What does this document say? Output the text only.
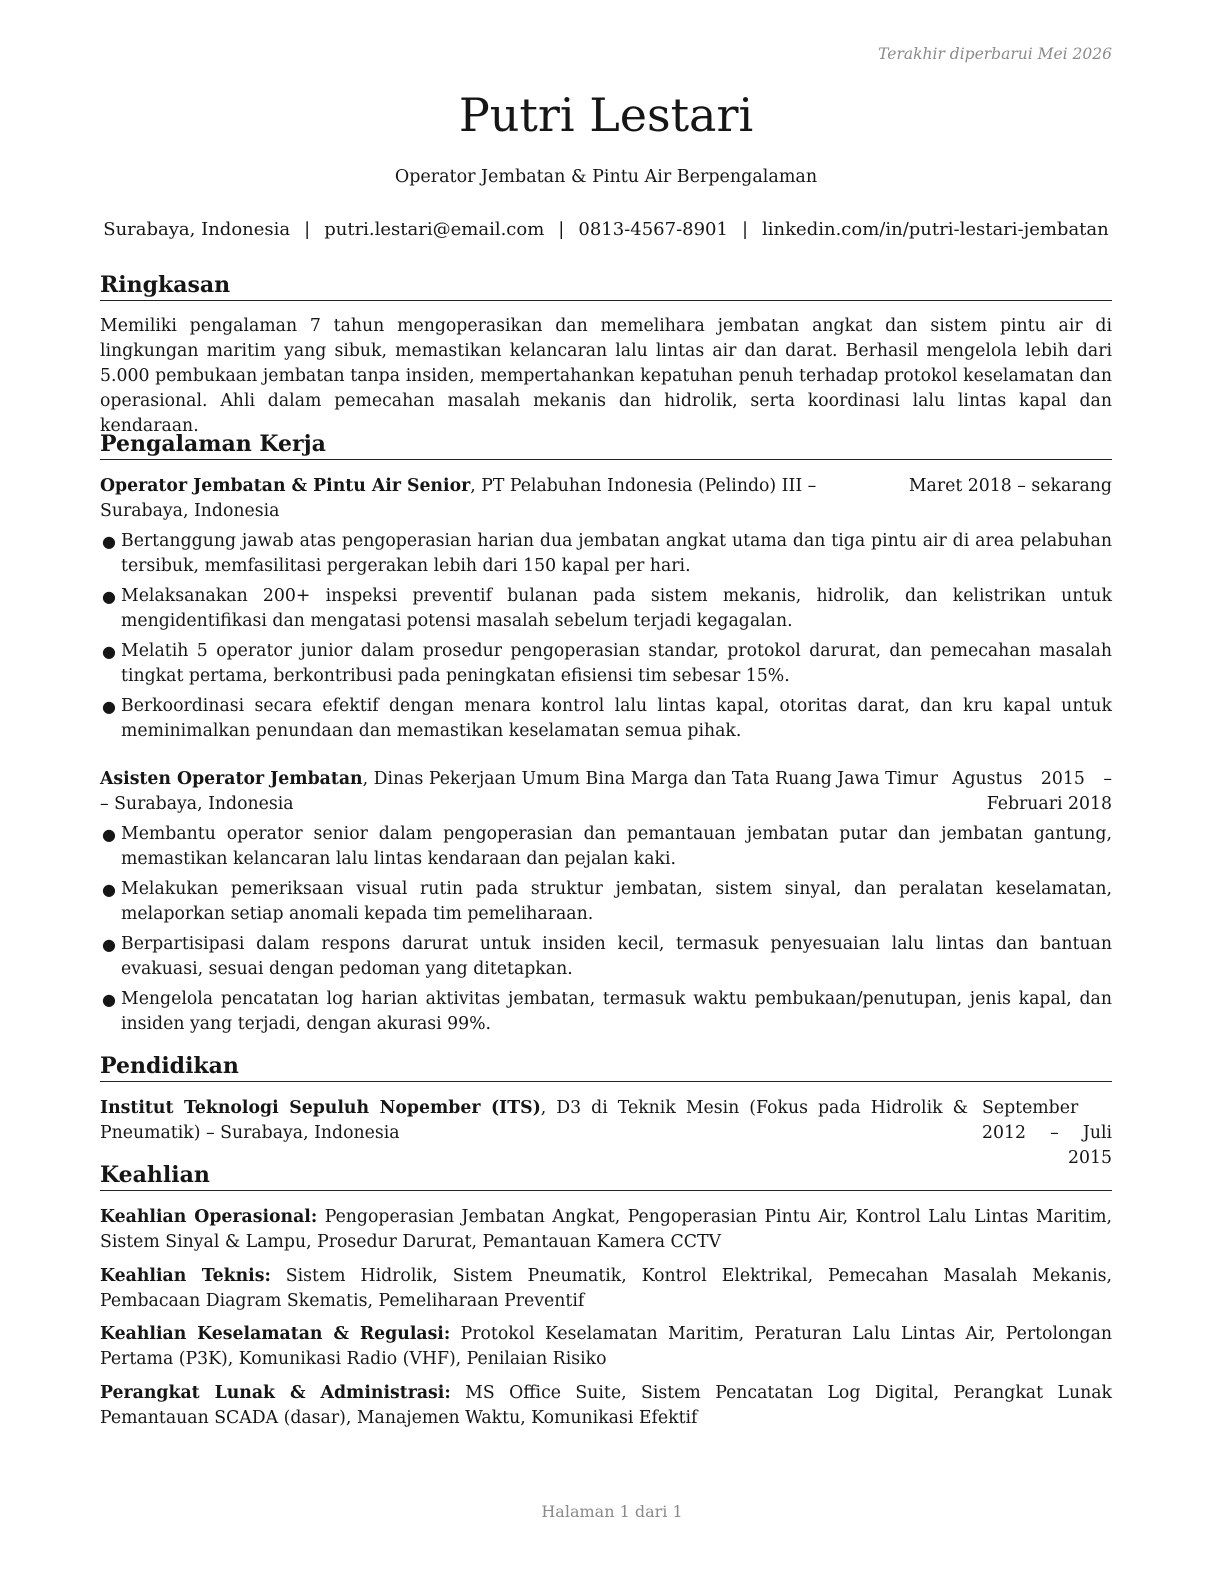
Terakhir diperbarui Mei 2026
Putri Lestari
Operator Jembatan & Pintu Air Berpengalaman
Surabaya, Indonesia | putri.lestari@email.com | 0813-4567-8901 | linkedin.com/in/putri-lestari-jembatan
Ringkasan

Memiliki pengalaman 7 tahun mengoperasikan dan memelihara jembatan angkat dan sistem pintu air di lingkungan maritim yang sibuk, memastikan kelancaran lalu lintas air dan darat. Berhasil mengelola lebih dari 5.000 pembukaan jembatan tanpa insiden, mempertahankan kepatuhan penuh terhadap protokol keselamatan dan operasional. Ahli dalam pemecahan masalah mekanis dan hidrolik, serta koordinasi lalu lintas kapal dan kendaraan.

Pengalaman Kerja
Operator Jembatan & Pintu Air Senior, PT Pelabuhan Indonesia (Pelindo) III – Surabaya, Indonesia
Maret 2018 – sekarang
● Bertanggung jawab atas pengoperasian harian dua jembatan angkat utama dan tiga pintu air di area pelabuhan tersibuk, memfasilitasi pergerakan lebih dari 150 kapal per hari.
● Melaksanakan 200+ inspeksi preventif bulanan pada sistem mekanis, hidrolik, dan kelistrikan untuk mengidentifikasi dan mengatasi potensi masalah sebelum terjadi kegagalan.
● Melatih 5 operator junior dalam prosedur pengoperasian standar, protokol darurat, dan pemecahan masalah tingkat pertama, berkontribusi pada peningkatan efisiensi tim sebesar 15%.
● Berkoordinasi secara efektif dengan menara kontrol lalu lintas kapal, otoritas darat, dan kru kapal untuk meminimalkan penundaan dan memastikan keselamatan semua pihak.
Asisten Operator Jembatan, Dinas Pekerjaan Umum Bina Marga dan Tata Ruang Jawa Timur – Surabaya, Indonesia
Agustus 2015 – Februari 2018
● Membantu operator senior dalam pengoperasian dan pemantauan jembatan putar dan jembatan gantung, memastikan kelancaran lalu lintas kendaraan dan pejalan kaki.
● Melakukan pemeriksaan visual rutin pada struktur jembatan, sistem sinyal, dan peralatan keselamatan, melaporkan setiap anomali kepada tim pemeliharaan.
● Berpartisipasi dalam respons darurat untuk insiden kecil, termasuk penyesuaian lalu lintas dan bantuan evakuasi, sesuai dengan pedoman yang ditetapkan.
● Mengelola pencatatan log harian aktivitas jembatan, termasuk waktu pembukaan/penutupan, jenis kapal, dan insiden yang terjadi, dengan akurasi 99%.
Pendidikan
Institut Teknologi Sepuluh Nopember (ITS), D3 di Teknik Mesin (Fokus pada Hidrolik & Pneumatik) – Surabaya, Indonesia
September 2012 – Juli 2015
Keahlian

Keahlian Operasional: Pengoperasian Jembatan Angkat, Pengoperasian Pintu Air, Kontrol Lalu Lintas Maritim, Sistem Sinyal & Lampu, Prosedur Darurat, Pemantauan Kamera CCTV

Keahlian Teknis: Sistem Hidrolik, Sistem Pneumatik, Kontrol Elektrikal, Pemecahan Masalah Mekanis, Pembacaan Diagram Skematis, Pemeliharaan Preventif

Keahlian Keselamatan & Regulasi: Protokol Keselamatan Maritim, Peraturan Lalu Lintas Air, Pertolongan Pertama (P3K), Komunikasi Radio (VHF), Penilaian Risiko

Perangkat Lunak & Administrasi: MS Office Suite, Sistem Pencatatan Log Digital, Perangkat Lunak Pemantauan SCADA (dasar), Manajemen Waktu, Komunikasi Efektif

Halaman 1 dari 1
